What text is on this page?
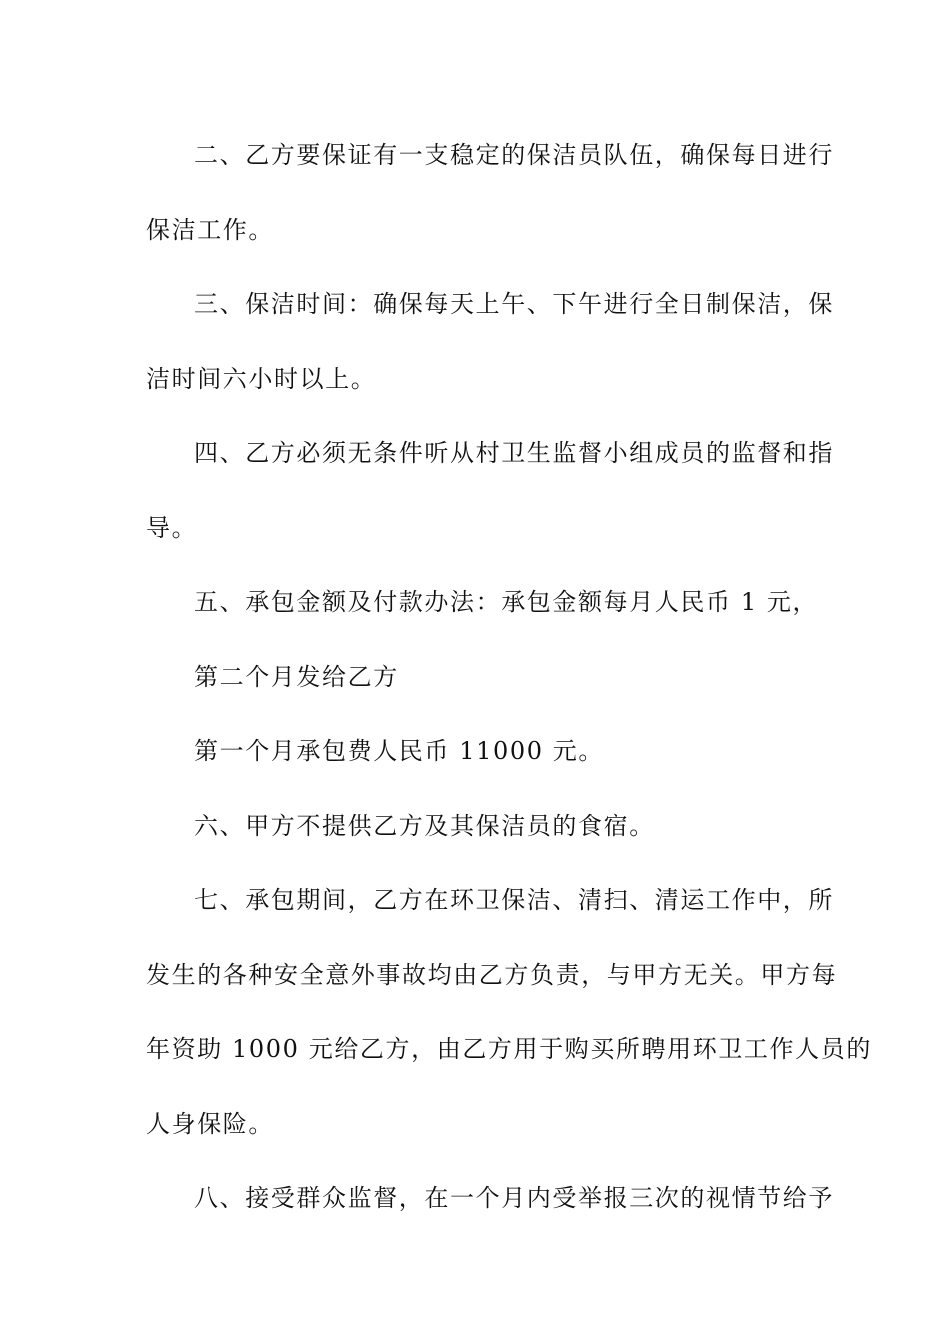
二、乙方要保证有一支稳定的保洁员队伍，确保每日进行
保洁工作。
三、保洁时间：确保每天上午、下午进行全日制保洁，保
洁时间六小时以上。
四、乙方必须无条件听从村卫生监督小组成员的监督和指
导。
五、承包金额及付款办法：承包金额每月人民币 1 元，
第二个月发给乙方
第一个月承包费人民币 11000 元。
六、甲方不提供乙方及其保洁员的食宿。
七、承包期间，乙方在环卫保洁、清扫、清运工作中，所
发生的各种安全意外事故均由乙方负责，与甲方无关。甲方每
年资助 1000 元给乙方，由乙方用于购买所聘用环卫工作人员的
人身保险。
八、接受群众监督，在一个月内受举报三次的视情节给予
